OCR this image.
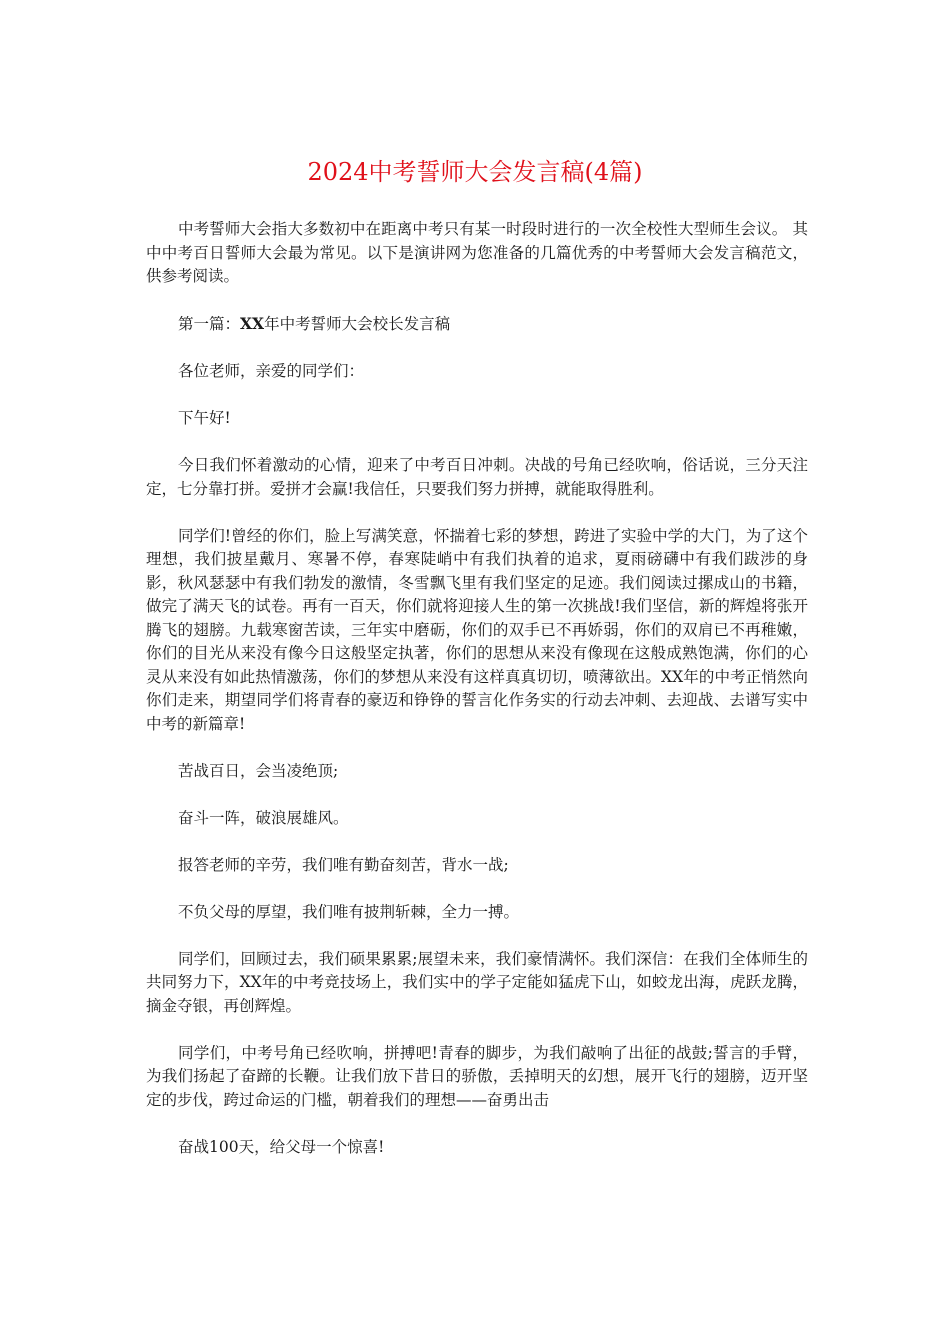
2024中考誓师大会发言稿(4篇)

中考誓师大会指大多数初中在距离中考只有某一时段时进行的一次全校性大型师生会议。 其中中考百日誓师大会最为常见。以下是演讲网为您准备的几篇优秀的中考誓师大会发言稿范文，供参考阅读。

第一篇：XX年中考誓师大会校长发言稿

各位老师，亲爱的同学们：

下午好!

今日我们怀着激动的心情，迎来了中考百日冲刺。决战的号角已经吹响，俗话说，三分天注定，七分靠打拼。爱拼才会赢!我信任，只要我们努力拼搏，就能取得胜利。

同学们!曾经的你们，脸上写满笑意，怀揣着七彩的梦想，跨进了实验中学的大门，为了这个理想，我们披星戴月、寒暑不停，春寒陡峭中有我们执着的追求，夏雨磅礴中有我们跋涉的身影，秋风瑟瑟中有我们勃发的激情，冬雪飘飞里有我们坚定的足迹。我们阅读过摞成山的书籍，做完了满天飞的试卷。再有一百天，你们就将迎接人生的第一次挑战!我们坚信，新的辉煌将张开腾飞的翅膀。九载寒窗苦读，三年实中磨砺，你们的双手已不再娇弱，你们的双肩已不再稚嫩，你们的目光从来没有像今日这般坚定执著，你们的思想从来没有像现在这般成熟饱满，你们的心灵从来没有如此热情激荡，你们的梦想从来没有这样真真切切，喷薄欲出。XX年的中考正悄然向你们走来，期望同学们将青春的豪迈和铮铮的誓言化作务实的行动去冲刺、去迎战、去谱写实中中考的新篇章!

苦战百日，会当凌绝顶;

奋斗一阵，破浪展雄风。

报答老师的辛劳，我们唯有勤奋刻苦，背水一战;

不负父母的厚望，我们唯有披荆斩棘，全力一搏。

同学们，回顾过去，我们硕果累累;展望未来，我们豪情满怀。我们深信：在我们全体师生的共同努力下，XX年的中考竞技场上，我们实中的学子定能如猛虎下山，如蛟龙出海，虎跃龙腾，摘金夺银，再创辉煌。

同学们，中考号角已经吹响，拼搏吧!青春的脚步，为我们敲响了出征的战鼓;誓言的手臂，为我们扬起了奋蹄的长鞭。让我们放下昔日的骄傲，丢掉明天的幻想，展开飞行的翅膀，迈开坚定的步伐，跨过命运的门槛，朝着我们的理想——奋勇出击

奋战100天，给父母一个惊喜!
